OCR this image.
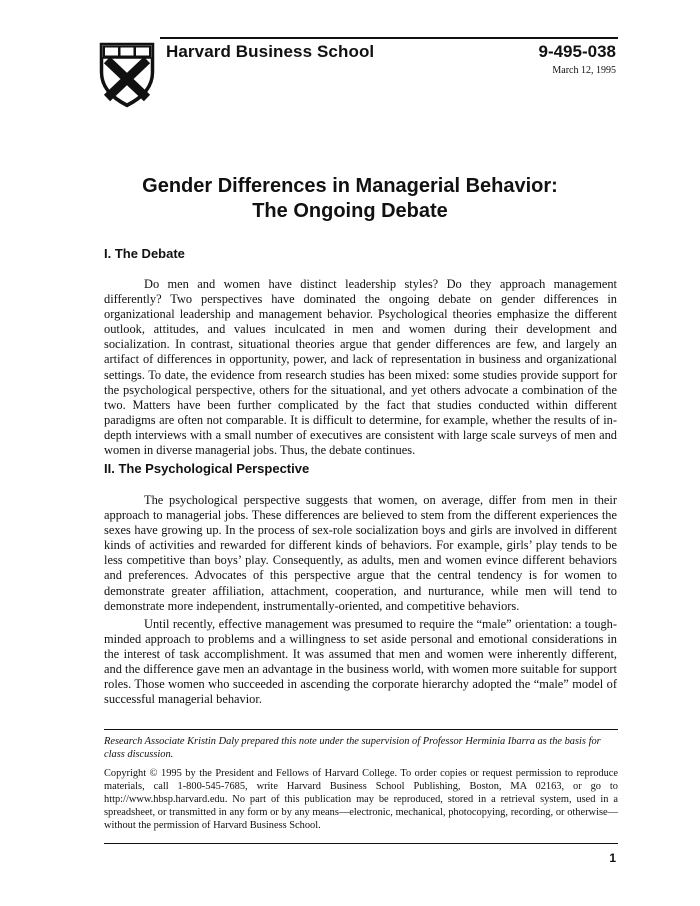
Harvard Business School	9-495-038
March 12, 1995
Gender Differences in Managerial Behavior:
The Ongoing Debate
I. The Debate

Do men and women have distinct leadership styles? Do they approach management differently? Two perspectives have dominated the ongoing debate on gender differences in organizational leadership and management behavior. Psychological theories emphasize the different outlook, attitudes, and values inculcated in men and women during their development and socialization. In contrast, situational theories argue that gender differences are few, and largely an artifact of differences in opportunity, power, and lack of representation in business and organizational settings. To date, the evidence from research studies has been mixed: some studies provide support for the psychological perspective, others for the situational, and yet others advocate a combination of the two. Matters have been further complicated by the fact that studies conducted within different paradigms are often not comparable. It is difficult to determine, for example, whether the results of in-depth interviews with a small number of executives are consistent with large scale surveys of men and women in diverse managerial jobs. Thus, the debate continues.

II. The Psychological Perspective

The psychological perspective suggests that women, on average, differ from men in their approach to managerial jobs. These differences are believed to stem from the different experiences the sexes have growing up. In the process of sex-role socialization boys and girls are involved in different kinds of activities and rewarded for different kinds of behaviors. For example, girls’ play tends to be less competitive than boys’ play. Consequently, as adults, men and women evince different behaviors and preferences. Advocates of this perspective argue that the central tendency is for women to demonstrate greater affiliation, attachment, cooperation, and nurturance, while men will tend to demonstrate more independent, instrumentally-oriented, and competitive behaviors.

Until recently, effective management was presumed to require the “male” orientation: a tough-minded approach to problems and a willingness to set aside personal and emotional considerations in the interest of task accomplishment. It was assumed that men and women were inherently different, and the difference gave men an advantage in the business world, with women more suitable for support roles. Those women who succeeded in ascending the corporate hierarchy adopted the “male” model of successful managerial behavior.

Research Associate Kristin Daly prepared this note under the supervision of Professor Herminia Ibarra as the basis for class discussion.

Copyright © 1995 by the President and Fellows of Harvard College. To order copies or request permission to reproduce materials, call 1-800-545-7685, write Harvard Business School Publishing, Boston, MA 02163, or go to http://www.hbsp.harvard.edu. No part of this publication may be reproduced, stored in a retrieval system, used in a spreadsheet, or transmitted in any form or by any means—electronic, mechanical, photocopying, recording, or otherwise—without the permission of Harvard Business School.

1
